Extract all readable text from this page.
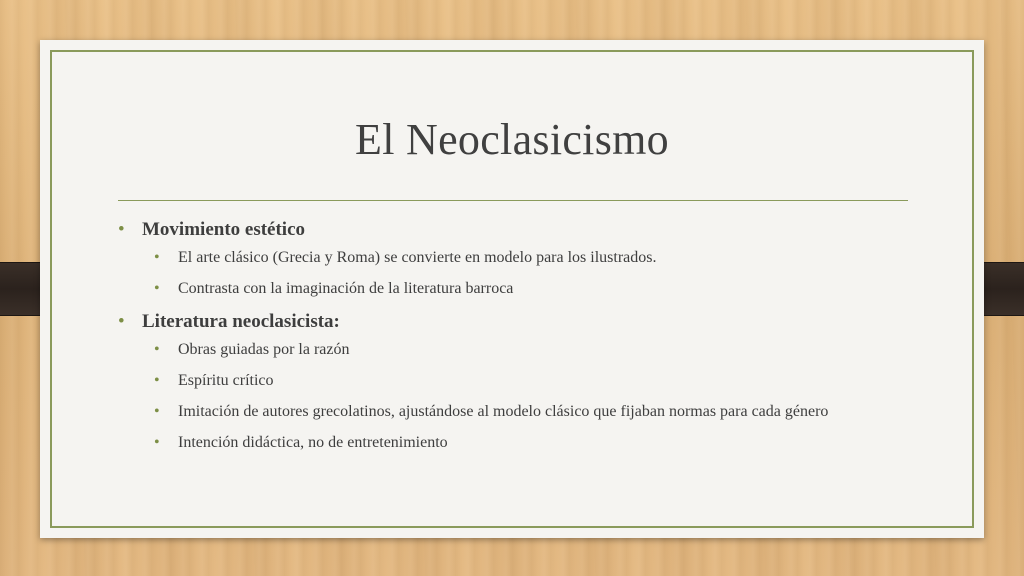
El Neoclasicismo
• Movimiento estético
• El arte clásico (Grecia y Roma) se convierte en modelo para los ilustrados.
• Contrasta con la imaginación de la literatura barroca
• Literatura neoclasicista:
• Obras guiadas por la razón
• Espíritu crítico
• Imitación de autores grecolatinos, ajustándose al modelo clásico que fijaban normas para cada género
• Intención didáctica, no de entretenimiento
